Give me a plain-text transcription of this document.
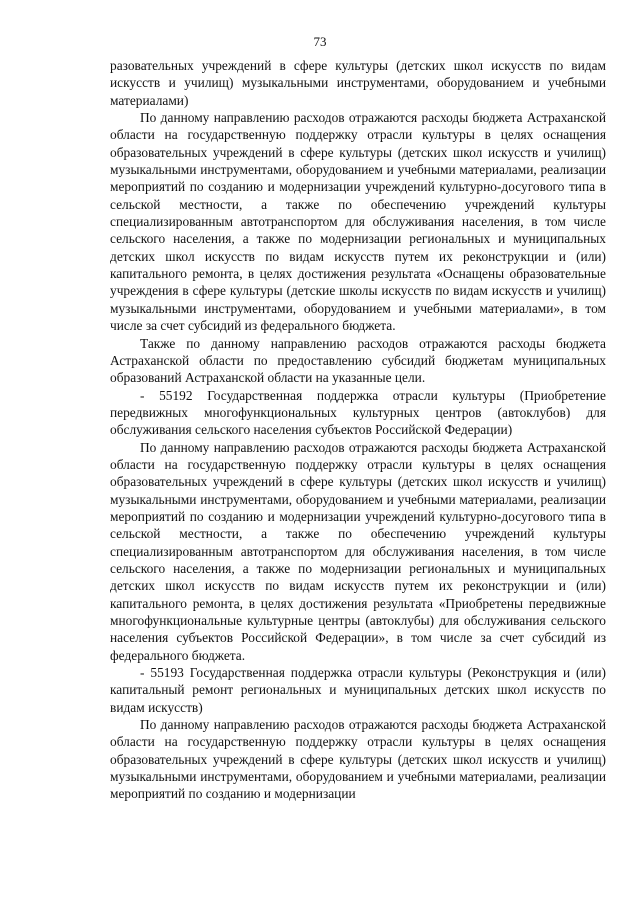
73

разовательных учреждений в сфере культуры (детских школ искусств по видам искусств и училищ) музыкальными инструментами, оборудованием и учебными материалами)

По данному направлению расходов отражаются расходы бюджета Астраханской области на государственную поддержку отрасли культуры в целях оснащения образовательных учреждений в сфере культуры (детских школ искусств и училищ) музыкальными инструментами, оборудованием и учебными материалами, реализации мероприятий по созданию и модернизации учреждений культурно-досугового типа в сельской местности, а также по обеспечению учреждений культуры специализированным автотранспортом для обслуживания населения, в том числе сельского населения, а также по модернизации региональных и муниципальных детских школ искусств по видам искусств путем их реконструкции и (или) капитального ремонта, в целях достижения результата «Оснащены образовательные учреждения в сфере культуры (детские школы искусств по видам искусств и училищ) музыкальными инструментами, оборудованием и учебными материалами», в том числе за счет субсидий из федерального бюджета.

Также по данному направлению расходов отражаются расходы бюджета Астраханской области по предоставлению субсидий бюджетам муниципальных образований Астраханской области на указанные цели.

- 55192 Государственная поддержка отрасли культуры (Приобретение передвижных многофункциональных культурных центров (автоклубов) для обслуживания сельского населения субъектов Российской Федерации)

По данному направлению расходов отражаются расходы бюджета Астраханской области на государственную поддержку отрасли культуры в целях оснащения образовательных учреждений в сфере культуры (детских школ искусств и училищ) музыкальными инструментами, оборудованием и учебными материалами, реализации мероприятий по созданию и модернизации учреждений культурно-досугового типа в сельской местности, а также по обеспечению учреждений культуры специализированным автотранспортом для обслуживания населения, в том числе сельского населения, а также по модернизации региональных и муниципальных детских школ искусств по видам искусств путем их реконструкции и (или) капитального ремонта, в целях достижения результата «Приобретены передвижные многофункциональные культурные центры (автоклубы) для обслуживания сельского населения субъектов Российской Федерации», в том числе за счет субсидий из федерального бюджета.

- 55193 Государственная поддержка отрасли культуры (Реконструкция и (или) капитальный ремонт региональных и муниципальных детских школ искусств по видам искусств)

По данному направлению расходов отражаются расходы бюджета Астраханской области на государственную поддержку отрасли культуры в целях оснащения образовательных учреждений в сфере культуры (детских школ искусств и училищ) музыкальными инструментами, оборудованием и учебными материалами, реализации мероприятий по созданию и модернизации
